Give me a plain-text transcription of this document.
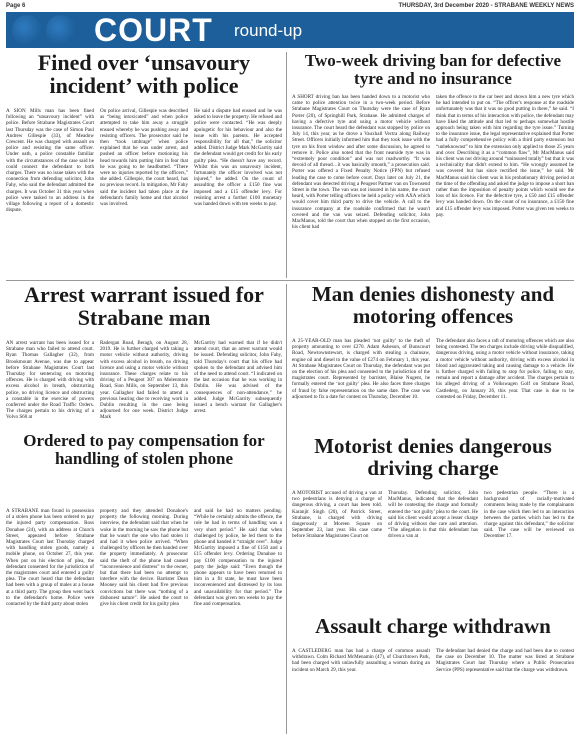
Page 6	THURSDAY, 3rd December 2020 - STRABANE WEEKLY NEWS
COURT round-up
Fined over ‘unsavoury incident’ with police
A SION Mills man has been fined following an “unsavoury incident” with police. Before Strabane Magistrates Court last Thursday was the case of Simon Paul Andrew Gillespie (33), of Meadow Crescent. He was charged with assault on police and resisting the same officer. Under oath, a police constable familiar with the circumstances of the case said he could connect the defendant to both charges. There was no issue taken with the connection from defending solicitor, John Fahy, who said the defendant admitted the charges. It was October 31 this year when police were tasked to an address in the village following a report of a domestic dispute.
On police arrival, Gillespie was described as “being intoxicated” and when police attempted to take him away a struggle ensued whereby he was pushing away and resisting officers. The prosecutor said he then “took umbrage” when police explained that he was under arrest, and pushed an officer before motioning his head towards him putting him in fear that he was going to be headbutted. “There were no injuries reported by the officers,” she added. Gillespie, the court heard, has no previous record. In mitigation, Mr Fahy said the incident had taken place at the defendant's family home and that alcohol was involved.
He said a dispute had ensued and he was asked to leave the property. He refused and police were contacted. “He was deeply apologetic for his behaviour and also the issue with his parents. He accepted responsibility for all that,” the solicitor added. District Judge Mark McGarrity said the defendant would get credit for his early guilty plea. “He doesn't have any record. Whilst this was an unsavoury incident, fortunately the officer involved was not injured,” he added. On the count of assaulting the officer a £150 fine was imposed and a £15 offender levy. For resisting arrest a further £100 monetary was handed down with ten weeks to pay.
Two-week driving ban for defective tyre and no insurance
A SHORT driving ban has been handed down to a motorist who came to police attention twice in a two-week period. Before Strabane Magistrates Court on Thursday were the case of Ryan Porter (20), of Springhill Park, Strabane. He admitted charges of having a defective tyre and using a motor vehicle without insurance. The court heard the defendant was stopped by police on July 14, this year, as he drove a Vauxhall Vectra along Railway Street. Officers initially informed him that they took issue with the tyre on his front window and after some discussion, he agreed to remove it. Police also noted that the front nearside tyre was in “extremely poor condition” and was not roadworthy. “It was devoid of all thread…it was basically smooth,” a prosecution said. Porter was offered a Fixed Penalty Notice (FPN) but refused leading the case to come before court. Days later on July 21, the defendant was detected driving a Peugeot Partner van on Townsend Street in the town. The van was not insured in his name, the court heard, with Porter telling officers he held a policy with AXA which would cover him third party to drive the vehicle. A call to the insurance company at the roadside confirmed that he wasn't covered and the van was seized. Defending solicitor, John MacManus, told the court that when stopped on the first occasion, his client had
taken the offence to the car beer and shown him a new tyre which he had intended to put on. “The officer's response at the roadside unfortunately was that it was no good putting in there,” he said. “I think that in terms of his interaction with police, the defendant may have liked the attitude and that led to perhaps somewhat hostile approach being taken with him regarding the tyre issue.” Turning to the insurance issue, the legal representative explained that Porter had a fully comprehensive policy with a third party extension but “unbeknownst” to him the extension only applied to those 25 years and over. Describing it as a “common flaw”, Mr MacManus said his client was not driving around “uninsured totally” but that it was a technicality that didn't extend to him. “He wrongly assumed he was covered but has since rectified the issue,” he said. Mr MacManus said his client was in his probationary driving period at the time of the offending and asked the judge to impose a short ban rather than the imposition of penalty points which would see the loss of his licence. For the defective tyre, a £50 and £15 offender levy was handed down. On the count of no insurance, a £150 fine and £15 offender levy was imposed. Porter was given ten weeks to pay.
Arrest warrant issued for Strabane man
AN arrest warrant has been issued for a Strabane man who failed to attend court. Ryan Thomas Gallagher (32), from Brookmount Avenue, was due to appear before Strabane Magistrates Court last Thursday for sentencing on motoring offences. He is charged with driving with excess alcohol in breath, obstructing police, no driving licence and obstructing a constable in the exercise of powers conferred under the Road Traffic Orders. The charges pertain to his driving of a Volvo S60 at
Radergan Road, Beragh, on August 28, 2019. He is further charged with taking a motor vehicle without authority, driving with excess alcohol in breath, no driving licence and using a motor vehicle without insurance. These charges relate to his driving of a Peugeot 307 on Molenmore Road, Sion Mills, on September 13, this year. Gallagher had failed to attend a previous hearing due to receiving work in Dublin resulting in the case being adjourned for one week. District Judge Mark
McGarrity had warned that if he didn't attend court, that an arrest warrant would be issued. Defending solicitor, John Fahy, told Thursday's court that his office had spoken to the defendant and advised him of the need to attend court. “I indicated on the last occasion that he was working in Dublin. He was advised of the consequences of non-attendance,” he added. Judge McGarrity subsequently issued a bench warrant for Gallagher's arrest.
Ordered to pay compensation for handling of stolen phone
A STRABANE man found in possession of a stolen phone has been ordered to pay the injured party compensation. Ross Donahoe (24), with an address at Church Street, appeared before Strabane Magistrates Court last Thursday charged with handling stolen goods, namely a mobile phone, on October 27, this year. When put on his election of plea, the defendant consented for the jurisdiction of the magistrates court and entered a guilty plea. The court heard that the defendant had been with a group of males at a house at a third party. The group then went back to the defendant's home. Police were contacted by the third party about stolen
property and they attended Donahoe's property the following morning. During interview, the defendant said that when he woke in the morning he saw the phone but that he wasn't the one who had stolen it and had it when police arrived. “When challenged by officers he then handed over the property immediately. A prosecutor said the theft of the phone had caused “inconvenience and distress” to the owner, but that there had been no attempt to interfere with the device. Barrister Dean Mooney said his client had five previous convictions but there was “nothing of a dishonest nature”. He asked the court to give his client credit for his guilty plea
and said he had no matters pending. “While he certainly admits the offence, the role he had in terms of handling was a very short period.” He said that when challenged by police, he led them to the phone and handed it “straight over”. Judge McGarrity imposed a fine of £150 and a £15 offender levy. Ordering Donahoe to pay £100 compensation to the injured party the judge said: “Even though the phone appears to have been returned to him in a fit state, he must have been inconvenienced and distressed by its loss and unavailability for that period.” The defendant was given ten weeks to pay the fine and compensation.
Man denies dishonesty and motoring offences
A 25-YEAR-OLD man has pleaded ‘not guilty’ to the theft of property amounting to over £270. Adam Asheson, of Bunscourt Road, Newtownstewart, is charged with stealing a chainsaw, engine oil and diesel to the value of £274 on February 1, this year. At Strabane Magistrates Court on Thursday, the defendant was put on the election of his plea and consented to the jurisdiction of the magistrates court. Represented by barrister, Blaise Nugent, he formally entered the ‘not guilty’ plea. He also faces three charges of fraud by false representation on the same date. The case was adjourned to fix a date for contest on Thursday, December 10.
The defendant also faces a raft of motoring offences which are also being contested. The ten charges include driving while disqualified, dangerous driving, using a motor vehicle without insurance, taking a motor vehicle without authority, driving with excess alcohol in blood and aggravated taking and causing damage to a vehicle. He is further charged with failing to stop for police, failing to stay, remain and report a damage after accident. The charges pertain to his alleged driving of a Volkswagen Golf on Strabane Road, Castlederg, on January 26, this year. That case is due to be contested on Friday, December 11.
Motorist denies dangerous driving charge
A MOTORIST accused of driving a van at two pedestrians is denying a charge of dangerous driving, a court has been told. Karanjit Singh (20), of Patrick Street, Strabane, is charged with driving dangerously at Moreen Square on September 23, last year. His case came before Strabane Magistrates Court on
Thursday. Defending solicitor, John MacManus, indicated that the defendant will be contesting the charge and formally entered the ‘not guilty’ plea to the court. He said his client would accept a lesser charge of driving without due care and attention. “The allegation is that this defendant has driven a van at
two pedestrian people. “There is a background of racially-motivated comments being made by the complainants in the case which then led to an interaction between the parties which has led to the charge against this defendant,” the solicitor said. The case will be reviewed on December 17.
Assault charge withdrawn
A CASTLEDERG man has had a charge of common assault withdrawn. Colm Richard McMenamin (47), of Churchtown Park, had been charged with unlawfully assaulting a woman during an incident on March 29, this year.
The defendant had denied the charge and had been due to contest the case on December 10. The matter was listed at Strabane Magistrates Court last Thursday where a Public Prosecution Service (PPS) representative said that the charge was withdrawn.
